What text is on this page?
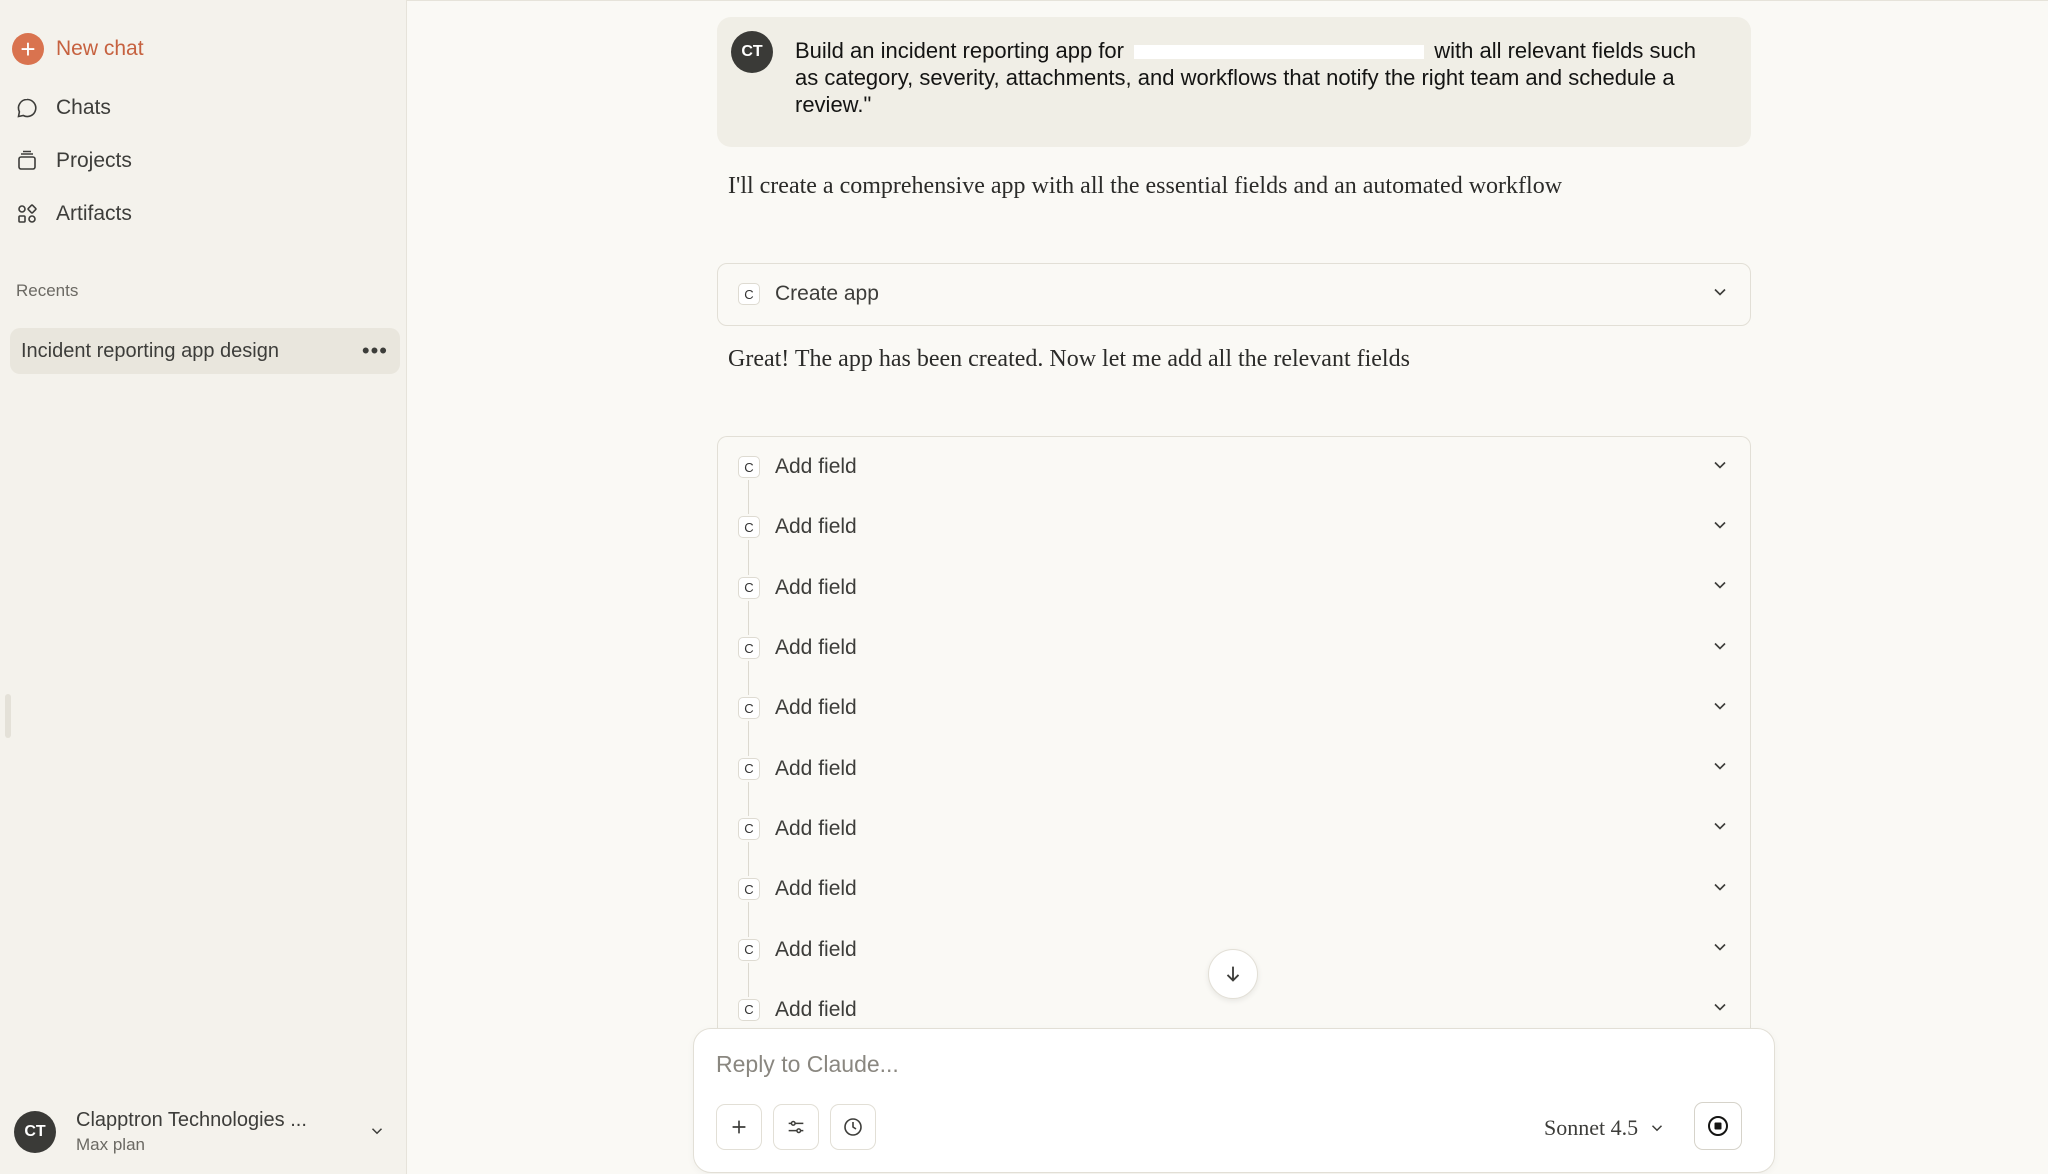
+ New chat
Chats
Projects
Artifacts
Recents
Incident reporting app design	•••
CT
Clapptron Technologies ...
Max plan
CT	Build an incident reporting app for	with all relevant fields such as category, severity, attachments, and workflows that notify the right team and schedule a review."
I'll create a comprehensive app with all the essential fields and an automated workflow
C	Create app
Great! The app has been created. Now let me add all the relevant fields
C	Add field
C	Add field
C	Add field
C	Add field
C	Add field
C	Add field
C	Add field
C	Add field
C	Add field
C	Add field
Reply to Claude...
Sonnet 4.5
